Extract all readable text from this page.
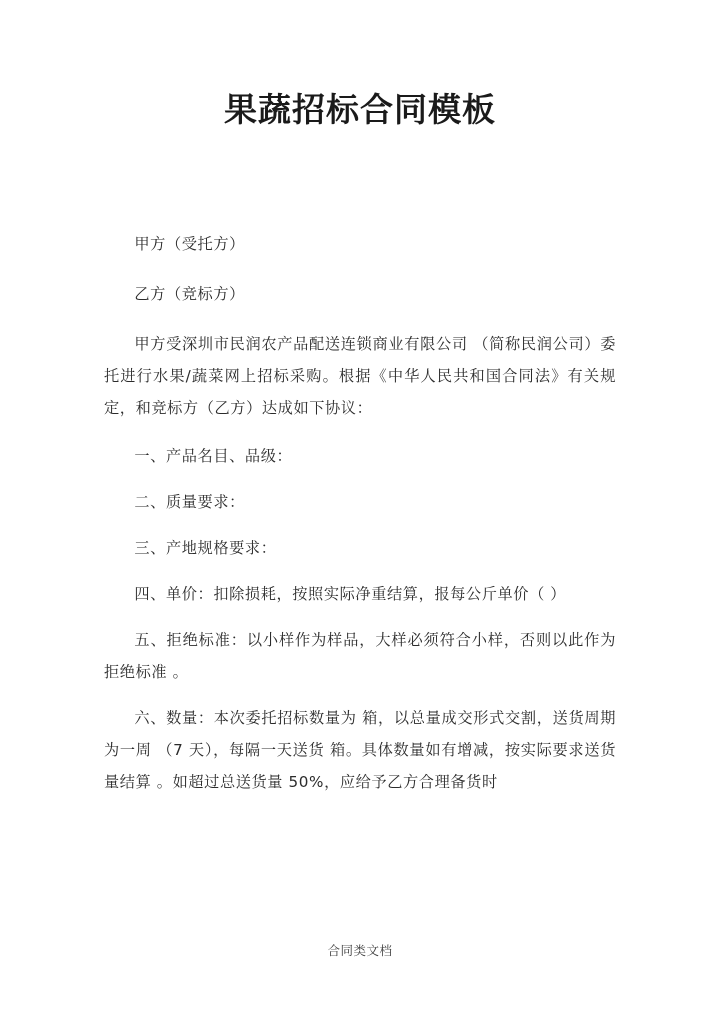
果蔬招标合同模板

甲方（受托方）

乙方（竞标方）

甲方受深圳市民润农产品配送连锁商业有限公司 （简称民润公司）委托进行水果/蔬菜网上招标采购。根据《中华人民共和国合同法》有关规定，和竞标方（乙方）达成如下协议：

一、产品名目、品级：

二、质量要求：

三、产地规格要求：

四、单价：扣除损耗，按照实际净重结算，报每公斤单价（ ）

五、拒绝标准：以小样作为样品，大样必须符合小样，否则以此作为拒绝标准 。

六、数量：本次委托招标数量为 箱，以总量成交形式交割，送货周期为一周 （7 天），每隔一天送货 箱。具体数量如有增减，按实际要求送货量结算 。如超过总送货量 50%，应给予乙方合理备货时

合同类文档
